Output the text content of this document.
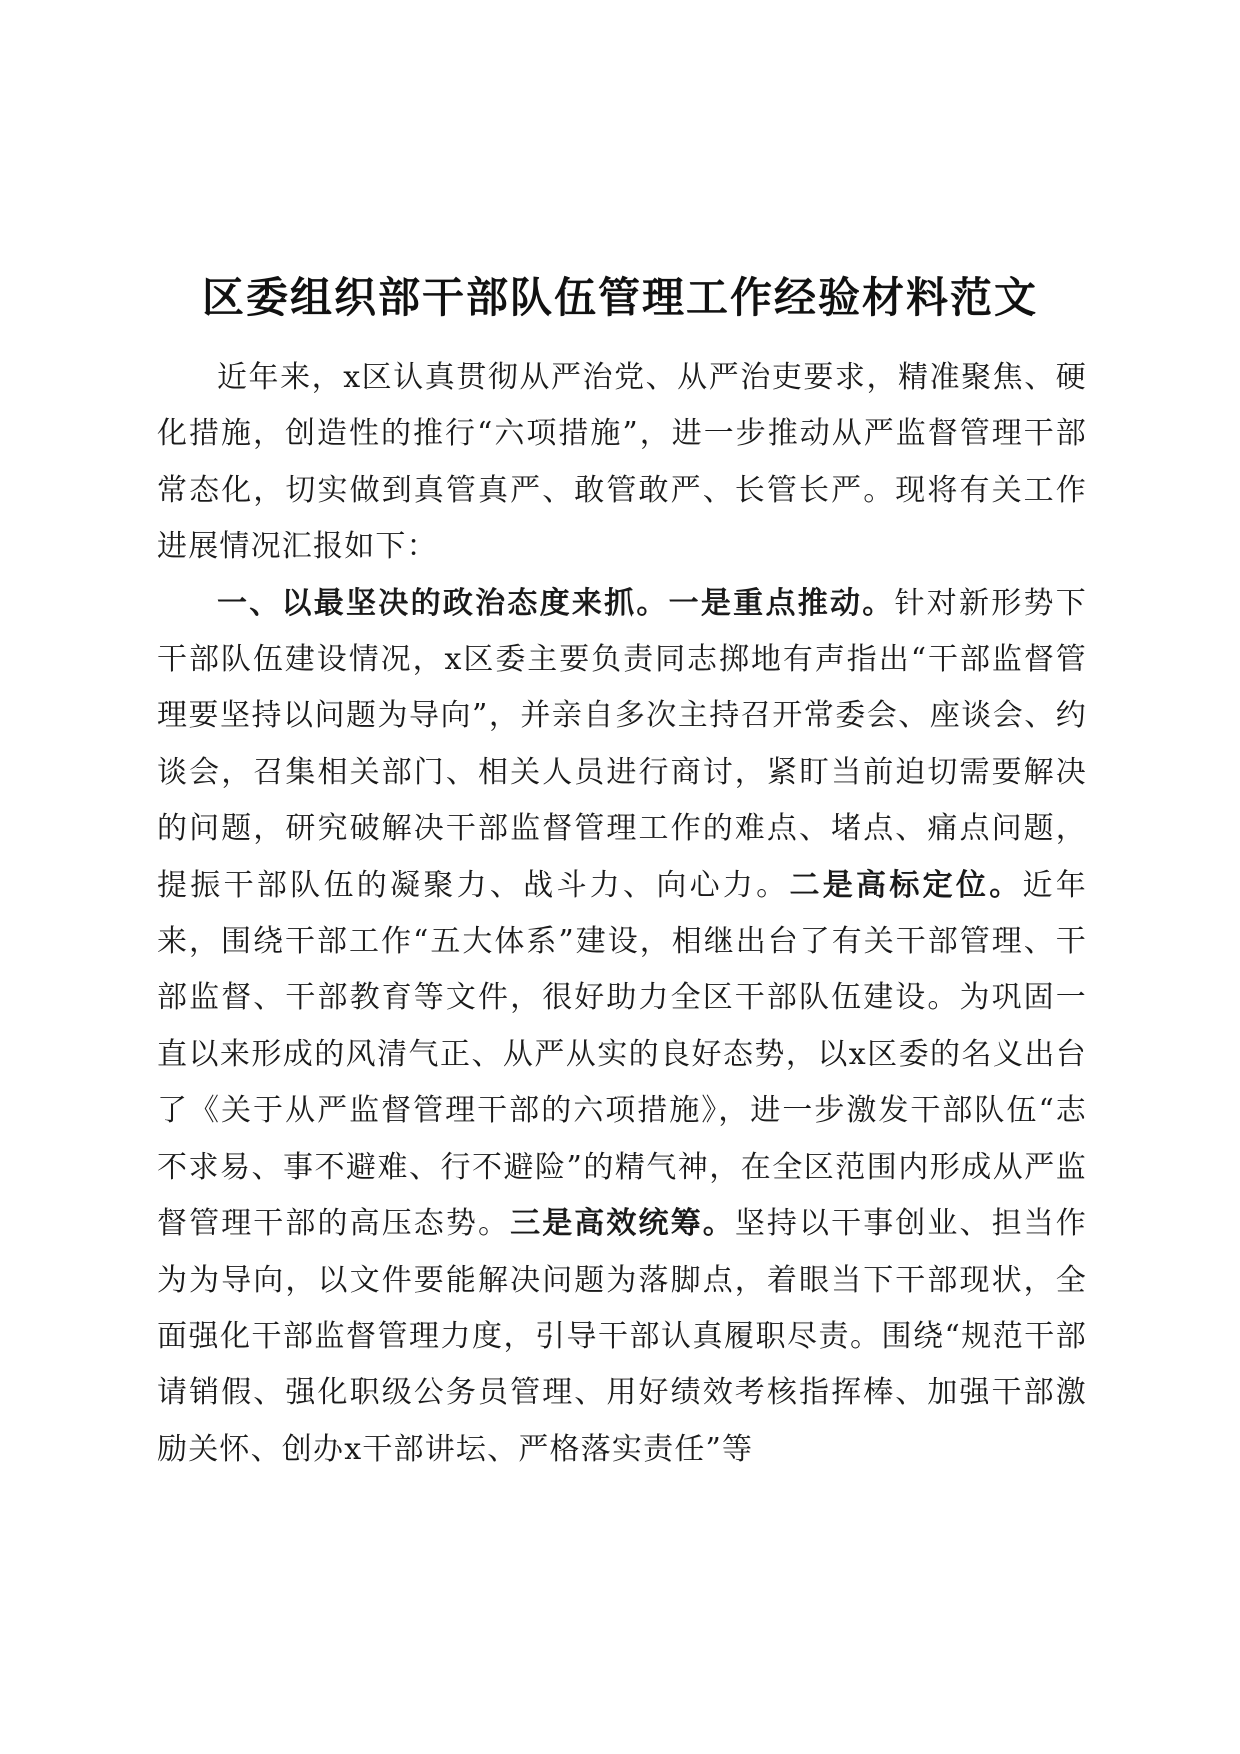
区委组织部干部队伍管理工作经验材料范文

近年来，x区认真贯彻从严治党、从严治吏要求，精准聚焦、硬化措施，创造性的推行“六项措施”，进一步推动从严监督管理干部常态化，切实做到真管真严、敢管敢严、长管长严。现将有关工作进展情况汇报如下：

一、以最坚决的政治态度来抓。一是重点推动。针对新形势下干部队伍建设情况，x区委主要负责同志掷地有声指出“干部监督管理要坚持以问题为导向”，并亲自多次主持召开常委会、座谈会、约谈会，召集相关部门、相关人员进行商讨，紧盯当前迫切需要解决的问题，研究破解决干部监督管理工作的难点、堵点、痛点问题，提振干部队伍的凝聚力、战斗力、向心力。二是高标定位。近年来，围绕干部工作“五大体系”建设，相继出台了有关干部管理、干部监督、干部教育等文件，很好助力全区干部队伍建设。为巩固一直以来形成的风清气正、从严从实的良好态势，以x区委的名义出台了《关于从严监督管理干部的六项措施》，进一步激发干部队伍“志不求易、事不避难、行不避险”的精气神，在全区范围内形成从严监督管理干部的高压态势。三是高效统筹。坚持以干事创业、担当作为为导向，以文件要能解决问题为落脚点，着眼当下干部现状，全面强化干部监督管理力度，引导干部认真履职尽责。围绕“规范干部请销假、强化职级公务员管理、用好绩效考核指挥棒、加强干部激励关怀、创办x干部讲坛、严格落实责任”等
